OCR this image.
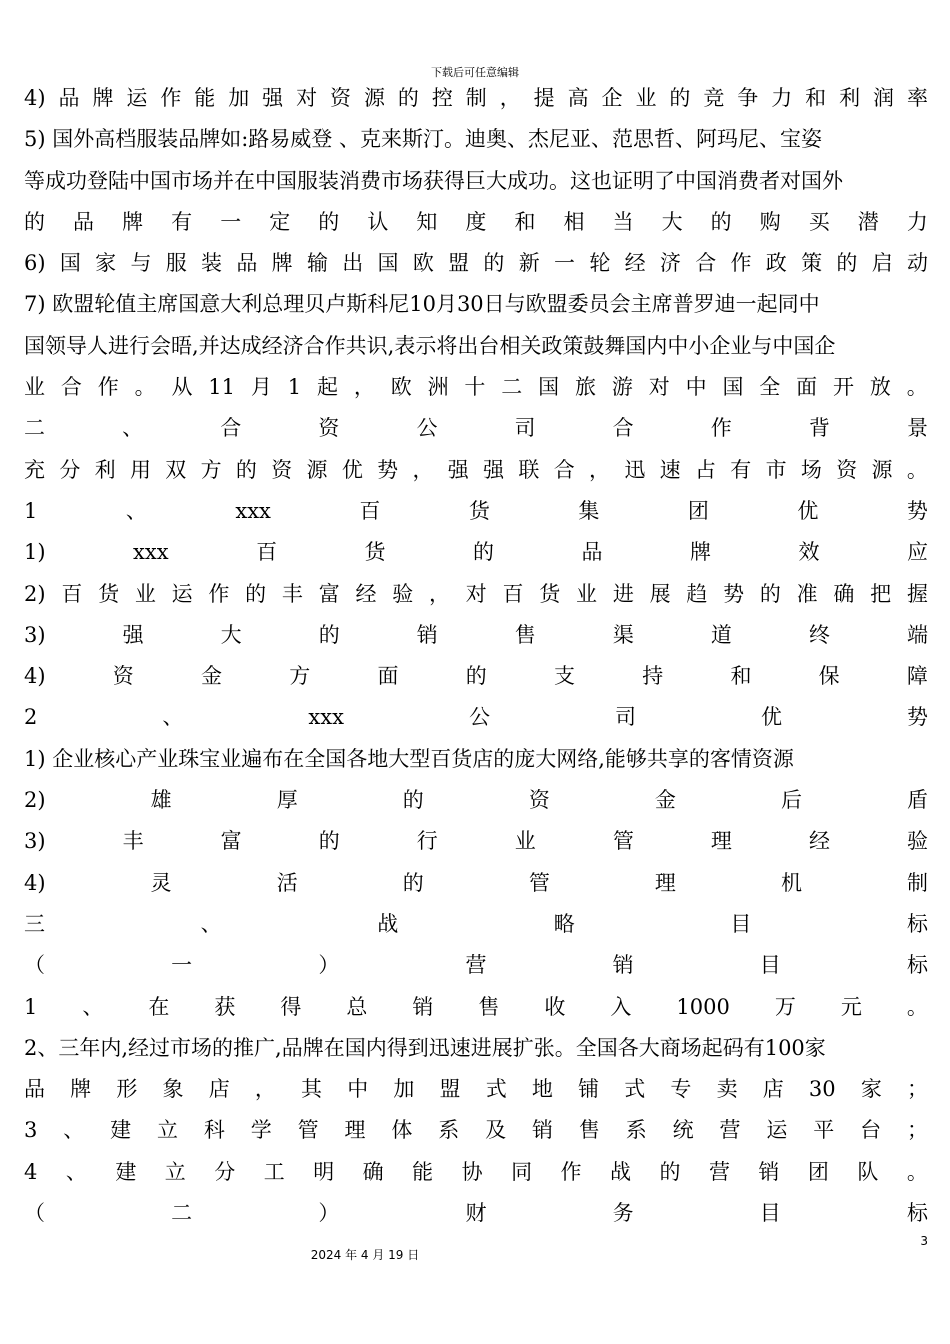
下载后可任意编辑
4) 品 牌 运 作 能 加 强 对 资 源 的 控 制 ， 提 高 企 业 的 竞 争 力 和 利 润 率
5) 国外高档服装品牌如:路易威登 、克来斯汀。迪奥、杰尼亚、范思哲、阿玛尼、宝姿
等成功登陆中国市场并在中国服装消费市场获得巨大成功。这也证明了中国消费者对国外
的 品 牌 有 一 定 的 认 知 度 和 相 当 大 的 购 买 潜 力
6) 国 家 与 服 装 品 牌 输 出 国 欧 盟 的 新 一 轮 经 济 合 作 政 策 的 启 动
7) 欧盟轮值主席国意大利总理贝卢斯科尼10月30日与欧盟委员会主席普罗迪一起同中
国领导人进行会晤,并达成经济合作共识,表示将出台相关政策鼓舞国内中小企业与中国企
业 合 作 。 从 11 月 1 起 ， 欧 洲 十 二 国 旅 游 对 中 国 全 面 开 放 。
二	、	合	资	公	司	合	作	背	景
充 分 利 用 双 方 的 资 源 优 势 ， 强 强 联 合 ， 迅 速 占 有 市 场 资 源 。
1	、	xxx	百	货	集	团	优	势
1)	xxx	百	货	的	品	牌	效	应
2) 百 货 业 运 作 的 丰 富 经 验 ， 对 百 货 业 进 展 趋 势 的 准 确 把 握
3)	强	大	的	销	售	渠	道	终	端
4)	资	金	方	面	的	支	持	和	保	障
2	、	xxx	公	司	优	势
1) 企业核心产业珠宝业遍布在全国各地大型百货店的庞大网络,能够共享的客情资源
2)	雄	厚	的	资	金	后	盾
3)	丰	富	的	行	业	管	理	经	验
4)	灵	活	的	管	理	机	制
三	、	战	略	目	标
（	一	）	营	销	目	标
1 、 在 获 得 总 销 售 收 入 1000 万 元 。
2、三年内,经过市场的推广,品牌在国内得到迅速进展扩张。全国各大商场起码有100家
品 牌 形 象 店 ， 其 中 加 盟 式 地 铺 式 专 卖 店 30 家 ；
3 、 建 立 科 学 管 理 体 系 及 销 售 系 统 营 运 平 台 ；
4 、 建 立 分 工 明 确 能 协 同 作 战 的 营 销 团 队 。
（	二	）	财	务	目	标
2024 年 4 月 19 日
3
